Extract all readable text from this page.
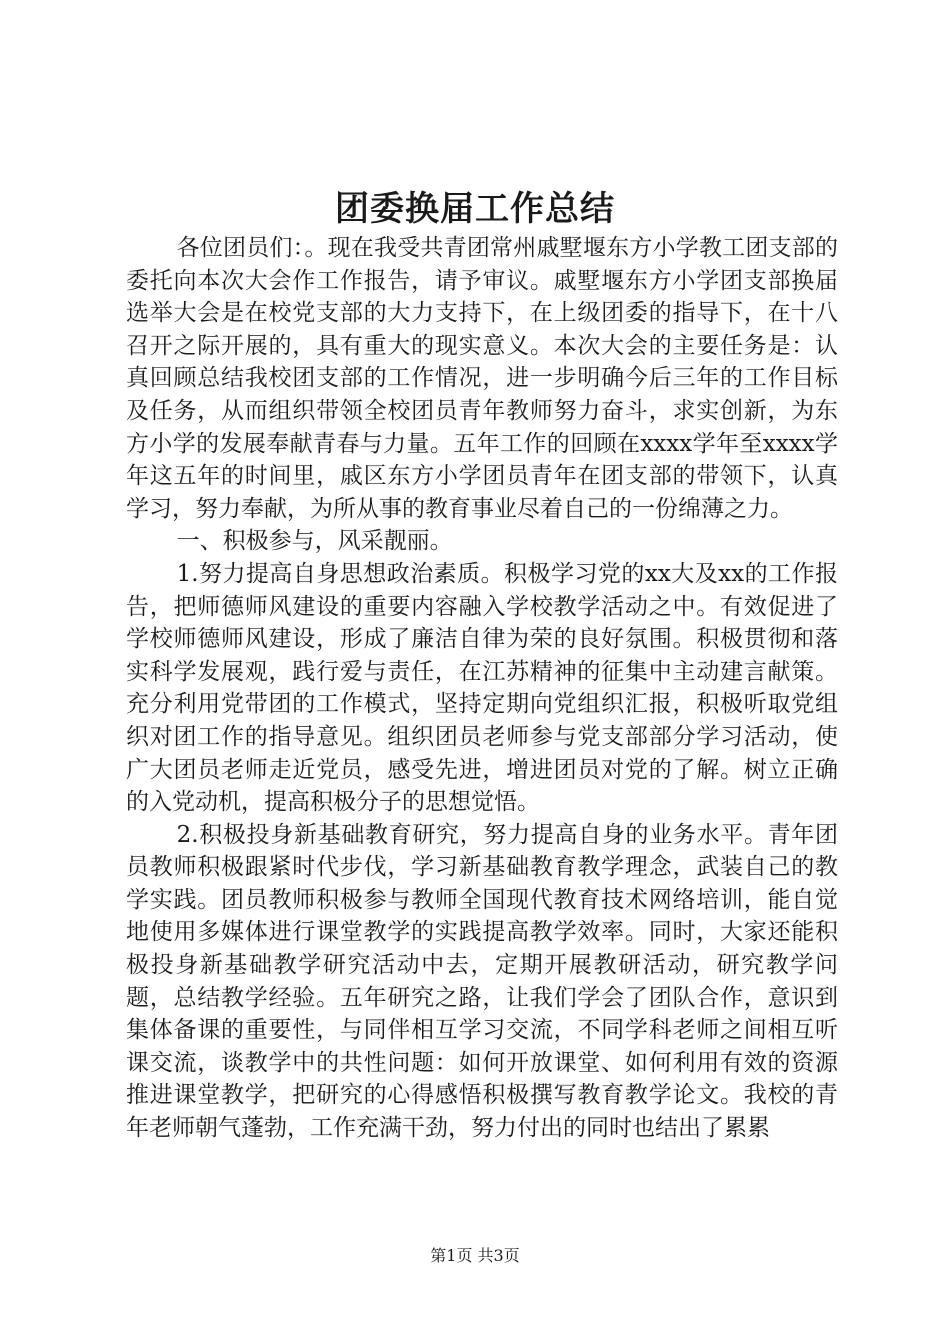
团委换届工作总结

各位团员们：。现在我受共青团常州戚墅堰东方小学教工团支部的委托向本次大会作工作报告，请予审议。戚墅堰东方小学团支部换届选举大会是在校党支部的大力支持下，在上级团委的指导下，在十八召开之际开展的，具有重大的现实意义。本次大会的主要任务是：认真回顾总结我校团支部的工作情况，进一步明确今后三年的工作目标及任务，从而组织带领全校团员青年教师努力奋斗，求实创新，为东方小学的发展奉献青春与力量。五年工作的回顾在xxxx学年至xxxx学年这五年的时间里，戚区东方小学团员青年在团支部的带领下，认真学习，努力奉献，为所从事的教育事业尽着自己的一份绵薄之力。

一、积极参与，风采靓丽。

1.努力提高自身思想政治素质。积极学习党的xx大及xx的工作报告，把师德师风建设的重要内容融入学校教学活动之中。有效促进了学校师德师风建设，形成了廉洁自律为荣的良好氛围。积极贯彻和落实科学发展观，践行爱与责任，在江苏精神的征集中主动建言献策。充分利用党带团的工作模式，坚持定期向党组织汇报，积极听取党组织对团工作的指导意见。组织团员老师参与党支部部分学习活动，使广大团员老师走近党员，感受先进，增进团员对党的了解。树立正确的入党动机，提高积极分子的思想觉悟。

2.积极投身新基础教育研究，努力提高自身的业务水平。青年团员教师积极跟紧时代步伐，学习新基础教育教学理念，武装自己的教学实践。团员教师积极参与教师全国现代教育技术网络培训，能自觉地使用多媒体进行课堂教学的实践提高教学效率。同时，大家还能积极投身新基础教学研究活动中去，定期开展教研活动，研究教学问题，总结教学经验。五年研究之路，让我们学会了团队合作，意识到集体备课的重要性，与同伴相互学习交流，不同学科老师之间相互听课交流，谈教学中的共性问题：如何开放课堂、如何利用有效的资源推进课堂教学，把研究的心得感悟积极撰写教育教学论文。我校的青年老师朝气蓬勃，工作充满干劲，努力付出的同时也结出了累累

第1页 共3页
